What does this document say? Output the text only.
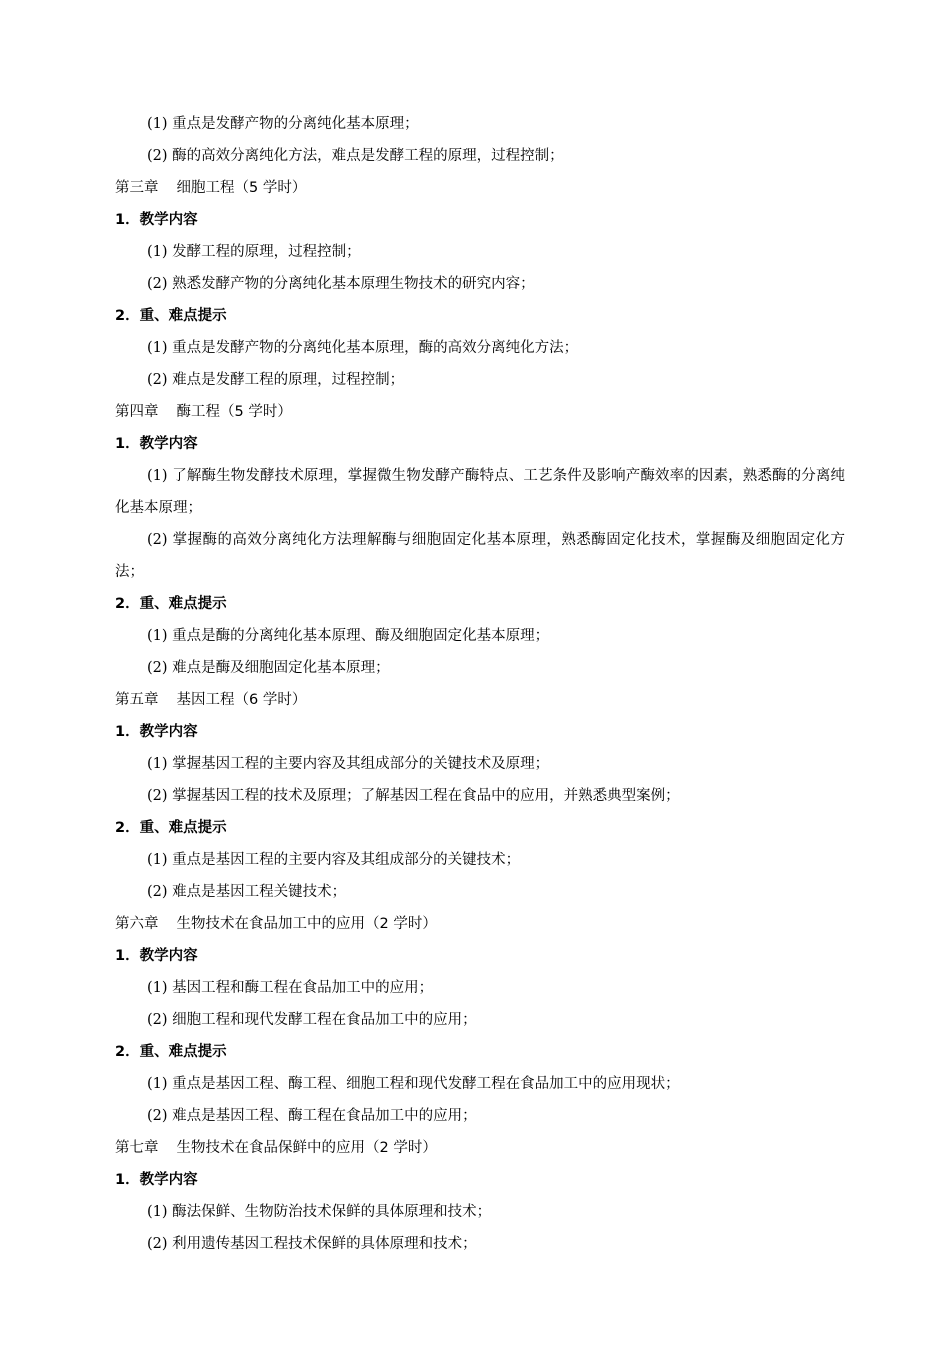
(1) 重点是发酵产物的分离纯化基本原理；
(2) 酶的高效分离纯化方法，难点是发酵工程的原理，过程控制；
第三章 细胞工程（5 学时）
1．教学内容
(1) 发酵工程的原理，过程控制；
(2) 熟悉发酵产物的分离纯化基本原理生物技术的研究内容；
2．重、难点提示
(1) 重点是发酵产物的分离纯化基本原理，酶的高效分离纯化方法；
(2) 难点是发酵工程的原理，过程控制；
第四章 酶工程（5 学时）
1．教学内容
(1) 了解酶生物发酵技术原理，掌握微生物发酵产酶特点、工艺条件及影响产酶效率的因素，熟悉酶的分离纯化基本原理；
(2) 掌握酶的高效分离纯化方法理解酶与细胞固定化基本原理，熟悉酶固定化技术，掌握酶及细胞固定化方法；
2．重、难点提示
(1) 重点是酶的分离纯化基本原理、酶及细胞固定化基本原理；
(2) 难点是酶及细胞固定化基本原理；
第五章 基因工程（6 学时）
1．教学内容
(1) 掌握基因工程的主要内容及其组成部分的关键技术及原理；
(2) 掌握基因工程的技术及原理；了解基因工程在食品中的应用，并熟悉典型案例；
2．重、难点提示
(1) 重点是基因工程的主要内容及其组成部分的关键技术；
(2) 难点是基因工程关键技术；
第六章 生物技术在食品加工中的应用（2 学时）
1．教学内容
(1) 基因工程和酶工程在食品加工中的应用；
(2) 细胞工程和现代发酵工程在食品加工中的应用；
2．重、难点提示
(1) 重点是基因工程、酶工程、细胞工程和现代发酵工程在食品加工中的应用现状；
(2) 难点是基因工程、酶工程在食品加工中的应用；
第七章 生物技术在食品保鲜中的应用（2 学时）
1．教学内容
(1) 酶法保鲜、生物防治技术保鲜的具体原理和技术；
(2) 利用遗传基因工程技术保鲜的具体原理和技术；
